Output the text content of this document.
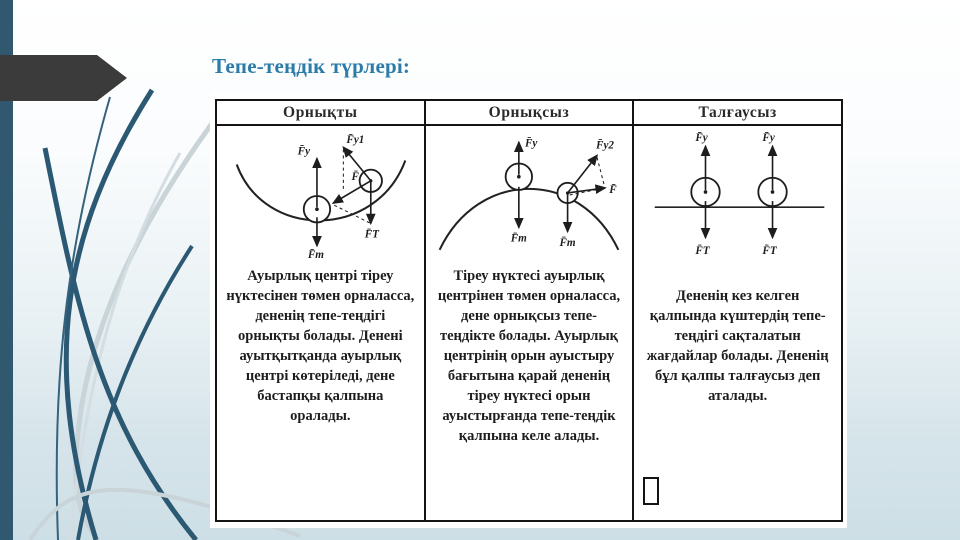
Тепе-теңдік түрлері:
Орнықты
F̄у
F̄т
F̄у1
F̄
F̄Т
Ауырлық центрі тіреу нүктесінен төмен орналасса, дененің тепе-теңдігі орнықты болады. Денені ауытқытқанда ауырлық центрі көтеріледі, дене бастапқы қалпына оралады.
Орнықсыз
F̄у
F̄т
F̄у2
F̄
F̄т
Тіреу нүктесі ауырлық центрінен төмен орналасса, дене орнықсыз тепе-теңдікте болады. Ауырлық центрінің орын ауыстыру бағытына қарай дененің тіреу нүктесі орын ауыстырғанда тепе-теңдік қалпына келе алады.
Талғаусыз
F̄у	F̄у
F̄Т	F̄Т
Дененің кез келген қалпында күштердің тепе-теңдігі сақталатын жағдайлар болады. Дененің бұл қалпы талғаусыз деп аталады.
